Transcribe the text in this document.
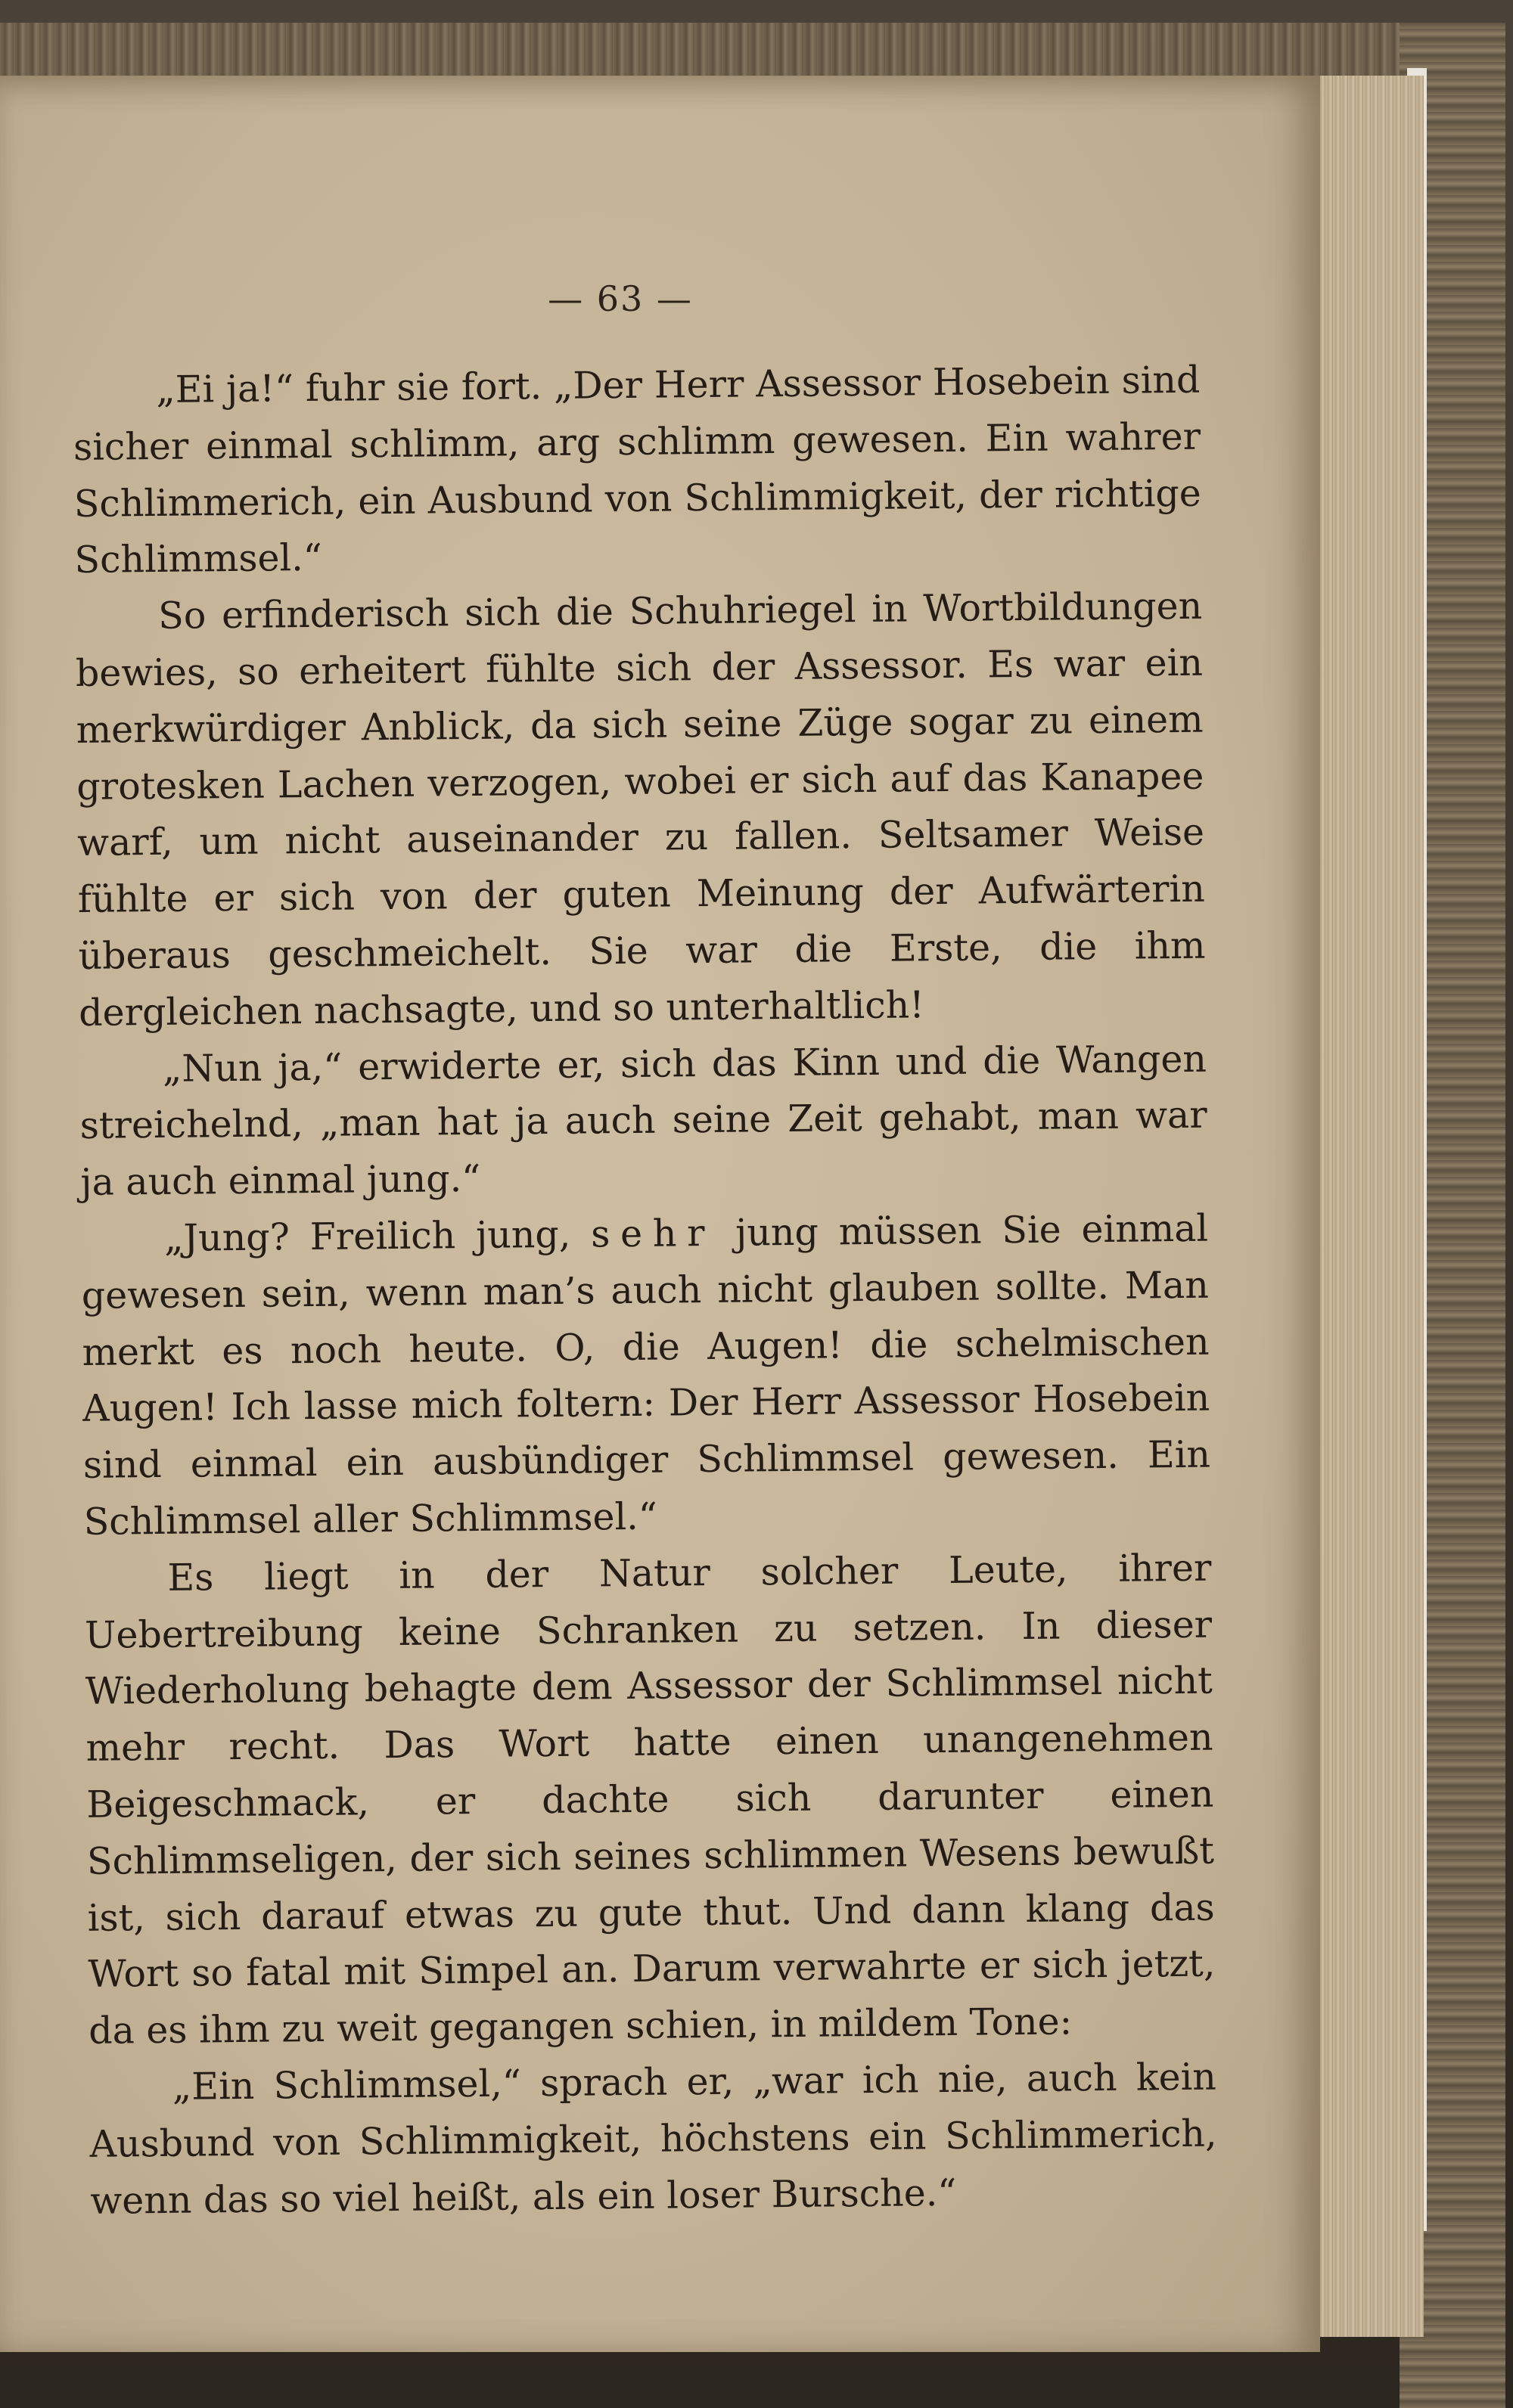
— 63 —

„Ei ja!“ fuhr sie fort. „Der Herr Assessor Hosebein sind sicher einmal schlimm, arg schlimm gewesen. Ein wahrer Schlimmerich, ein Ausbund von Schlimmigkeit, der richtige Schlimmsel.“

So erfinderisch sich die Schuhriegel in Wortbildungen bewies, so erheitert fühlte sich der Assessor. Es war ein merkwürdiger Anblick, da sich seine Züge sogar zu einem grotesken Lachen verzogen, wobei er sich auf das Kanapee warf, um nicht auseinander zu fallen. Seltsamer Weise fühlte er sich von der guten Meinung der Aufwärterin überaus geschmeichelt. Sie war die Erste, die ihm dergleichen nachsagte, und so unterhaltlich!

„Nun ja,“ erwiderte er, sich das Kinn und die Wangen streichelnd, „man hat ja auch seine Zeit gehabt, man war ja auch einmal jung.“

„Jung? Freilich jung, sehr jung müssen Sie einmal gewesen sein, wenn man’s auch nicht glauben sollte. Man merkt es noch heute. O, die Augen! die schelmischen Augen! Ich lasse mich foltern: Der Herr Assessor Hosebein sind einmal ein ausbündiger Schlimmsel gewesen. Ein Schlimmsel aller Schlimmsel.“

Es liegt in der Natur solcher Leute, ihrer Uebertreibung keine Schranken zu setzen. In dieser Wiederholung behagte dem Assessor der Schlimmsel nicht mehr recht. Das Wort hatte einen unangenehmen Beigeschmack, er dachte sich darunter einen Schlimmseligen, der sich seines schlimmen Wesens bewußt ist, sich darauf etwas zu gute thut. Und dann klang das Wort so fatal mit Simpel an. Darum verwahrte er sich jetzt, da es ihm zu weit gegangen schien, in mildem Tone:

„Ein Schlimmsel,“ sprach er, „war ich nie, auch kein Ausbund von Schlimmigkeit, höchstens ein Schlimmerich, wenn das so viel heißt, als ein loser Bursche.“
